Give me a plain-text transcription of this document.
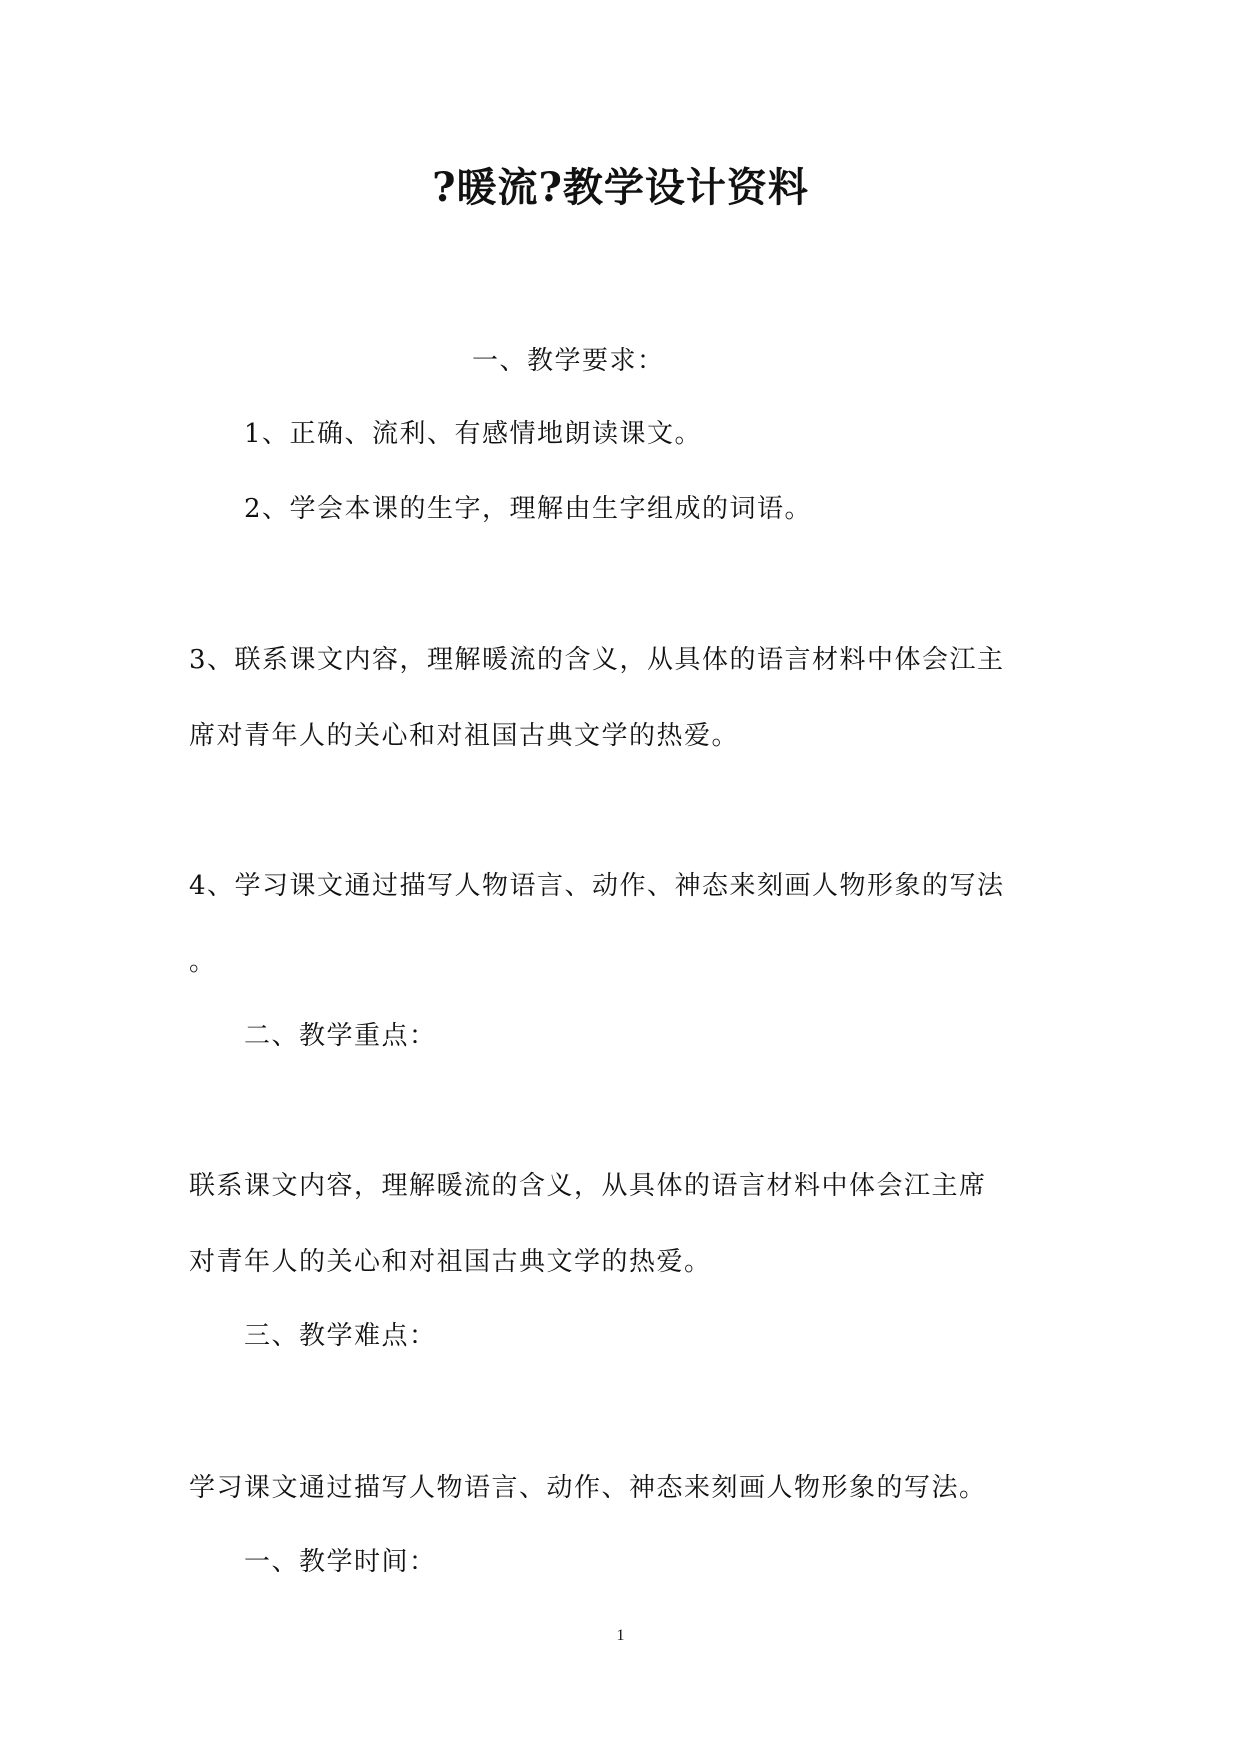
?暖流?教学设计资料
一、教学要求：
1、正确、流利、有感情地朗读课文。
2、学会本课的生字，理解由生字组成的词语。
3、联系课文内容，理解暖流的含义，从具体的语言材料中体会江主
席对青年人的关心和对祖国古典文学的热爱。
4、学习课文通过描写人物语言、动作、神态来刻画人物形象的写法
。
二、教学重点：
联系课文内容，理解暖流的含义，从具体的语言材料中体会江主席
对青年人的关心和对祖国古典文学的热爱。
三、教学难点：
学习课文通过描写人物语言、动作、神态来刻画人物形象的写法。
一、教学时间：
1
